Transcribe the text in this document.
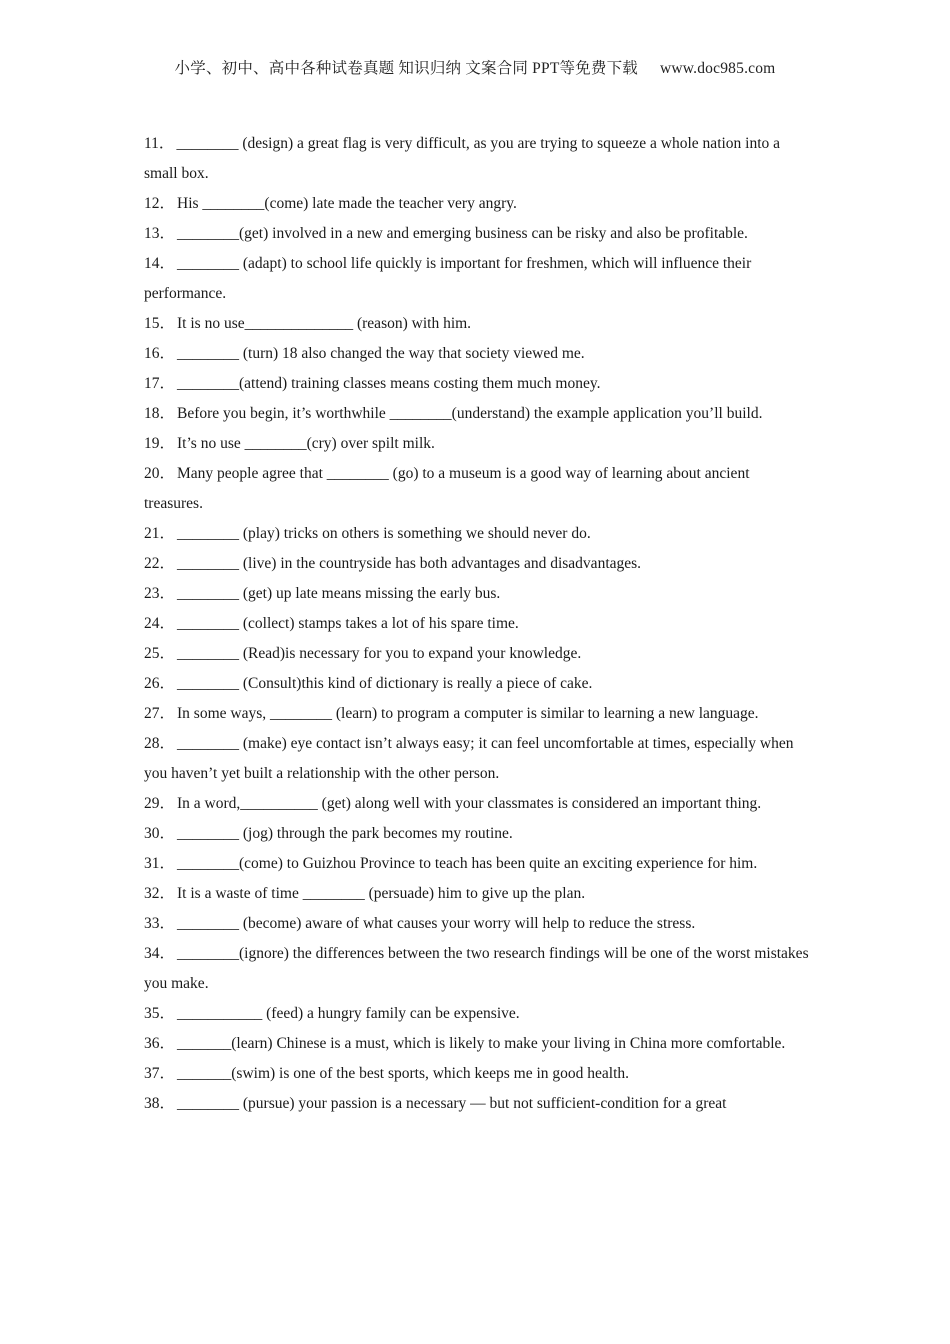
小学、初中、高中各种试卷真题 知识归纳 文案合同 PPT等免费下载 www.doc985.com

11． ________ (design) a great flag is very difficult, as you are trying to squeeze a whole nation into a small box.

12． His ________(come) late made the teacher very angry.

13． ________(get) involved in a new and emerging business can be risky and also be profitable.

14． ________ (adapt) to school life quickly is important for freshmen, which will influence their performance.

15． It is no use______________ (reason) with him.

16． ________ (turn) 18 also changed the way that society viewed me.

17． ________(attend) training classes means costing them much money.

18． Before you begin, it’s worthwhile ________(understand) the example application you’ll build.

19． It’s no use ________(cry) over spilt milk.

20． Many people agree that ________ (go) to a museum is a good way of learning about ancient treasures.

21． ________ (play) tricks on others is something we should never do.

22． ________ (live) in the countryside has both advantages and disadvantages.

23． ________ (get) up late means missing the early bus.

24． ________ (collect) stamps takes a lot of his spare time.

25． ________ (Read)is necessary for you to expand your knowledge.

26． ________ (Consult)this kind of dictionary is really a piece of cake.

27． In some ways, ________ (learn) to program a computer is similar to learning a new language.

28． ________ (make) eye contact isn’t always easy; it can feel uncomfortable at times, especially when you haven’t yet built a relationship with the other person.

29． In a word,__________ (get) along well with your classmates is considered an important thing.

30． ________ (jog) through the park becomes my routine.

31． ________(come) to Guizhou Province to teach has been quite an exciting experience for him.

32． It is a waste of time ________ (persuade) him to give up the plan.

33． ________ (become) aware of what causes your worry will help to reduce the stress.

34． ________(ignore) the differences between the two research findings will be one of the worst mistakes you make.

35． ___________ (feed) a hungry family can be expensive.

36． _______(learn) Chinese is a must, which is likely to make your living in China more comfortable.

37． _______(swim) is one of the best sports, which keeps me in good health.

38． ________ (pursue) your passion is a necessary — but not sufficient-condition for a great
